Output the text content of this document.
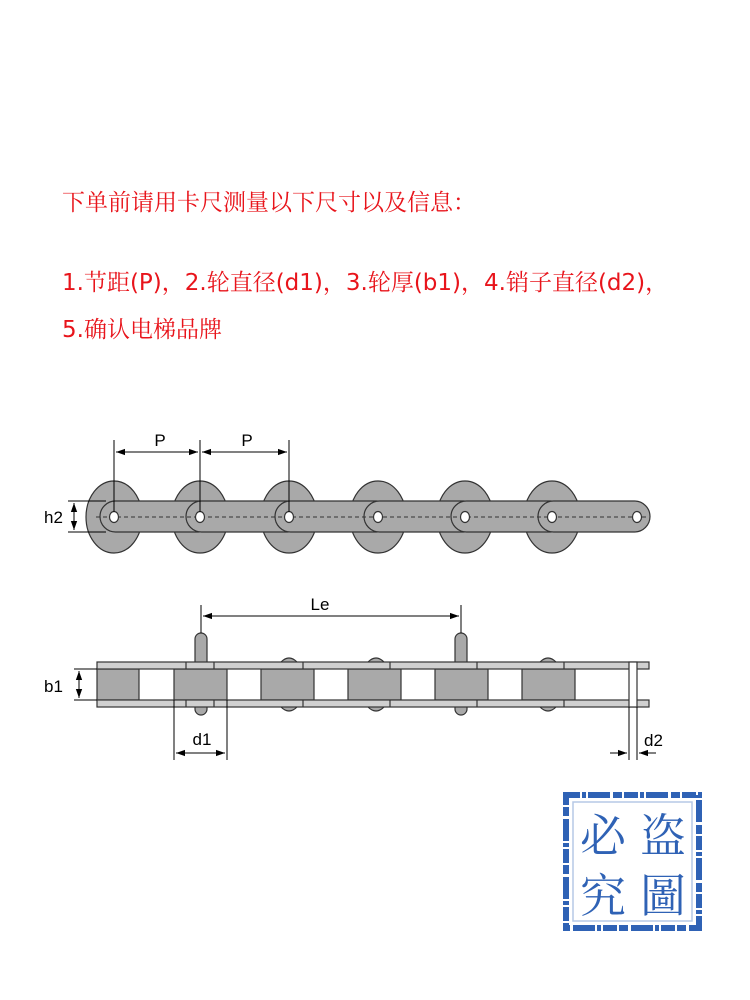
下单前请用卡尺测量以下尺寸以及信息：

1.节距(P)，2.轮直径(d1)，3.轮厚(b1)，4.销子直径(d2)，

5.确认电梯品牌

P	P
h2
Le
b1
d1	d2
盗
必
圖
究
